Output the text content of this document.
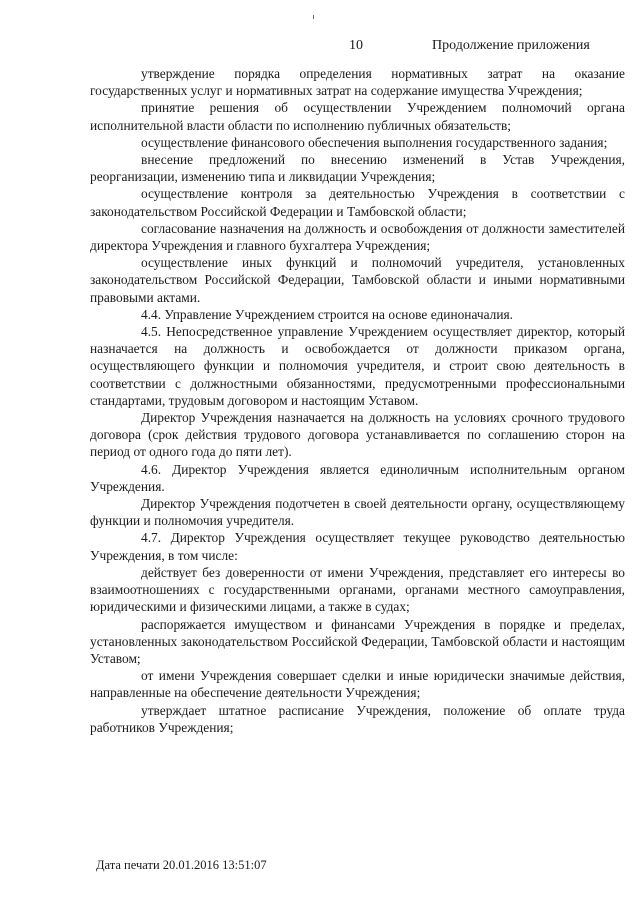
10	Продолжение приложения

утверждение порядка определения нормативных затрат на оказание государственных услуг и нормативных затрат на содержание имущества Учреждения;

принятие решения об осуществлении Учреждением полномочий органа исполнительной власти области по исполнению публичных обязательств;

осуществление финансового обеспечения выполнения государственного задания;

внесение предложений по внесению изменений в Устав Учреждения, реорганизации, изменению типа и ликвидации Учреждения;

осуществление контроля за деятельностью Учреждения в соответствии с законодательством Российской Федерации и Тамбовской области;

согласование назначения на должность и освобождения от должности заместителей директора Учреждения и главного бухгалтера Учреждения;

осуществление иных функций и полномочий учредителя, установленных законодательством Российской Федерации, Тамбовской области и иными нормативными правовыми актами.

4.4. Управление Учреждением строится на основе единоначалия.

4.5. Непосредственное управление Учреждением осуществляет директор, который назначается на должность и освобождается от должности приказом органа, осуществляющего функции и полномочия учредителя, и строит свою деятельность в соответствии с должностными обязанностями, предусмотренными профессиональными стандартами, трудовым договором и настоящим Уставом.

Директор Учреждения назначается на должность на условиях срочного трудового договора (срок действия трудового договора устанавливается по соглашению сторон на период от одного года до пяти лет).

4.6. Директор Учреждения является единоличным исполнительным органом Учреждения.

Директор Учреждения подотчетен в своей деятельности органу, осуществляющему функции и полномочия учредителя.

4.7. Директор Учреждения осуществляет текущее руководство деятельностью Учреждения, в том числе:

действует без доверенности от имени Учреждения, представляет его интересы во взаимоотношениях с государственными органами, органами местного самоуправления, юридическими и физическими лицами, а также в судах;

распоряжается имуществом и финансами Учреждения в порядке и пределах, установленных законодательством Российской Федерации, Тамбовской области и настоящим Уставом;

от имени Учреждения совершает сделки и иные юридически значимые действия, направленные на обеспечение деятельности Учреждения;

утверждает штатное расписание Учреждения, положение об оплате труда работников Учреждения;

Дата печати 20.01.2016 13:51:07
